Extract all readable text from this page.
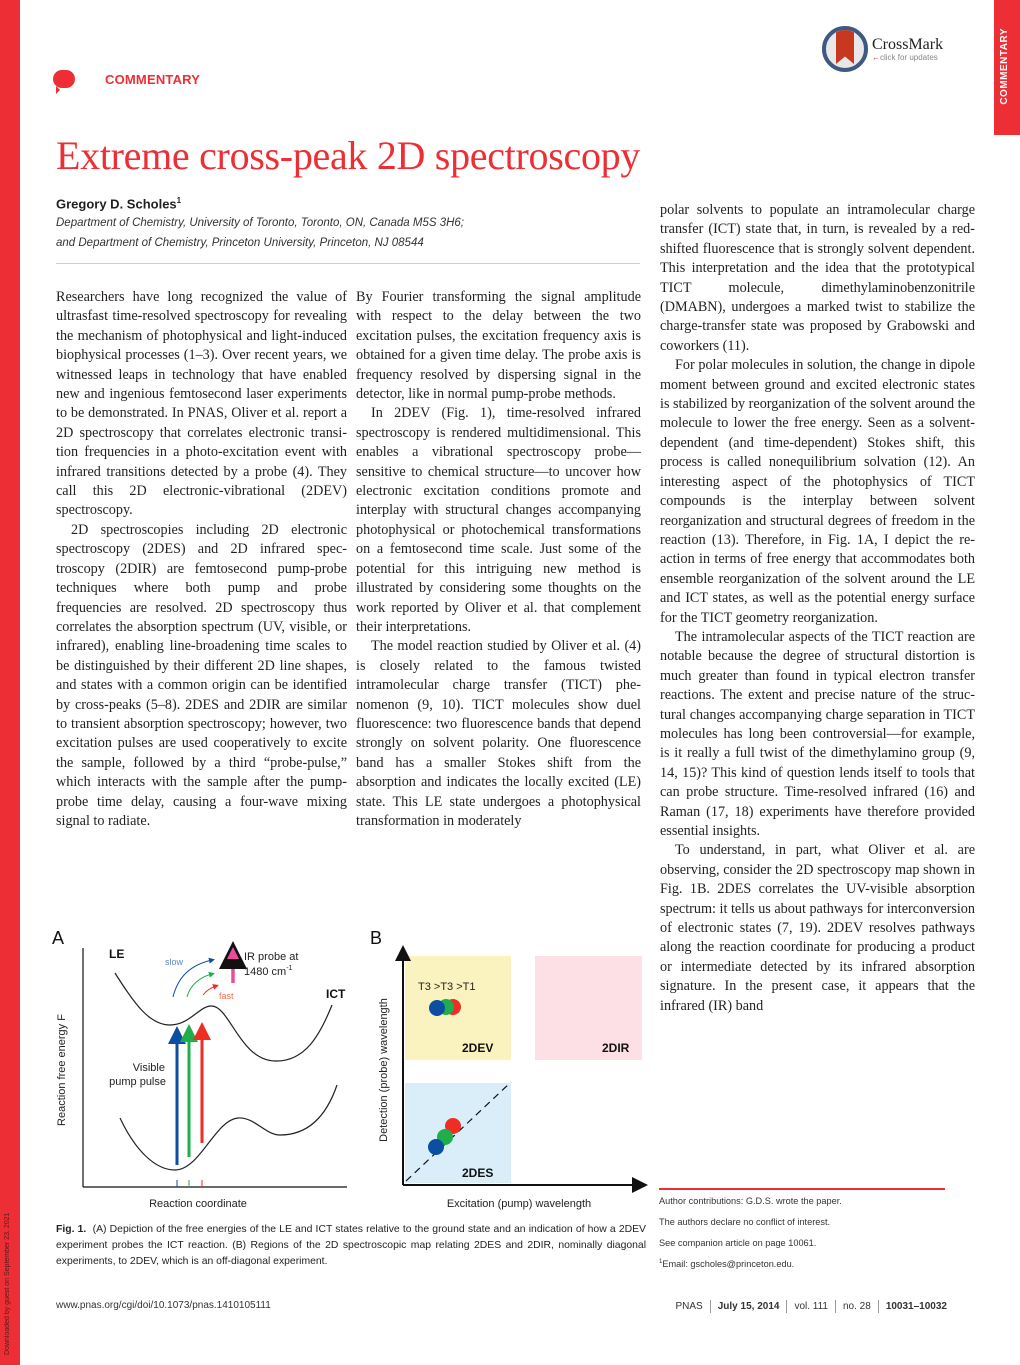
Downloaded by guest on September 23, 2021
COMMENTARY
CrossMark
←click for updates
COMMENTARY
Extreme cross-peak 2D spectroscopy
Gregory D. Scholes$^1$
Department of Chemistry, University of Toronto, Toronto, ON, Canada M5S 3H6;
and Department of Chemistry, Princeton University, Princeton, NJ 08544

Researchers have long recognized the value of ultrasfast time-resolved spectroscopy for revealing the mechanism of photophysical and light-induced biophysical processes (1–3). Over recent years, we witnessed leaps in technology that have enabled new and ingenious femtosecond laser experiments to be demonstrated. In PNAS, Oliver et al. report a 2D spectroscopy that correlates electronic transition frequencies in a photo-excitation event with infrared transitions detected by a probe (4). They call this 2D electronic-vibrational (2DEV) spectroscopy.

2D spectroscopies including 2D electronic spectroscopy (2DES) and 2D infrared spectroscopy (2DIR) are femtosecond pump-probe techniques where both pump and probe frequencies are resolved. 2D spectroscopy thus correlates the absorption spectrum (UV, visible, or infrared), enabling line-broadening time scales to be distinguished by their different 2D line shapes, and states with a common origin can be identified by cross-peaks (5–8). 2DES and 2DIR are similar to transient absorption spectroscopy; however, two excitation pulses are used cooperatively to excite the sample, followed by a third “probe-pulse,” which interacts with the sample after the pump-probe time delay, causing a four-wave mixing signal to radiate.

By Fourier transforming the signal amplitude with respect to the delay between the two excitation pulses, the excitation frequency axis is obtained for a given time delay. The probe axis is frequency resolved by dispersing signal in the detector, like in normal pump-probe methods.

In 2DEV (Fig. 1), time-resolved infrared spectroscopy is rendered multidimensional. This enables a vibrational spectroscopy probe—sensitive to chemical structure—to uncover how electronic excitation conditions promote and interplay with structural changes accompanying photophysical or photochemical transformations on a femtosecond time scale. Just some of the potential for this intriguing new method is illustrated by considering some thoughts on the work reported by Oliver et al. that complement their interpretations.

The model reaction studied by Oliver et al. (4) is closely related to the famous twisted intramolecular charge transfer (TICT) phenomenon (9, 10). TICT molecules show duel fluorescence: two fluorescence bands that depend strongly on solvent polarity. One fluorescence band has a smaller Stokes shift from the absorption and indicates the locally excited (LE) state. This LE state undergoes a photophysical transformation in moderately

polar solvents to populate an intramolecular charge transfer (ICT) state that, in turn, is revealed by a red-shifted fluorescence that is strongly solvent dependent. This interpretation and the idea that the prototypical TICT molecule, dimethylaminobenzonitrile (DMABN), undergoes a marked twist to stabilize the charge-transfer state was proposed by Grabowski and coworkers (11).

For polar molecules in solution, the change in dipole moment between ground and excited electronic states is stabilized by reorganization of the solvent around the molecule to lower the free energy. Seen as a solvent-dependent (and time-dependent) Stokes shift, this process is called nonequilibrium solvation (12). An interesting aspect of the photophysics of TICT compounds is the interplay between solvent reorganization and structural degrees of freedom in the reaction (13). Therefore, in Fig. 1A, I depict the reaction in terms of free energy that accommodates both ensemble reorganization of the solvent around the LE and ICT states, as well as the potential energy surface for the TICT geometry reorganization.

The intramolecular aspects of the TICT reaction are notable because the degree of structural distortion is much greater than found in typical electron transfer reactions. The extent and precise nature of the structural changes accompanying charge separation in TICT molecules has long been controversial—for example, is it really a full twist of the dimethylamino group (9, 14, 15)? This kind of question lends itself to tools that can probe structure. Time-resolved infrared (16) and Raman (17, 18) experiments have therefore provided essential insights.

To understand, in part, what Oliver et al. are observing, consider the 2D spectroscopy map shown in Fig. 1B. 2DES correlates the UV-visible absorption spectrum: it tells us about pathways for interconversion of electronic states (7, 19). 2DEV resolves pathways along the reaction coordinate for producing a product or intermediate detected by its infrared absorption signature. In the present case, it appears that the infrared (IR) band

A
Reaction free energy F
Reaction coordinate
LE
ICT
Visible
pump pulse
slow
fast
IR probe at
1480 $cm^{-1}$
B
Detection (probe) wavelength
Excitation (pump) wavelength
T3 >T3 >T1
2DEV	2DIR
2DES
Fig. 1. (A) Depiction of the free energies of the LE and ICT states relative to the ground state and an indication of how a 2DEV experiment probes the ICT reaction. (B) Regions of the 2D spectroscopic map relating 2DES and 2DIR, nominally diagonal experiments, to 2DEV, which is an off-diagonal experiment.
Author contributions: G.D.S. wrote the paper.
The authors declare no conflict of interest.
See companion article on page 10061.
$^1$Email: gscholes@princeton.edu.
www.pnas.org/cgi/doi/10.1073/pnas.1410105111	PNAS July 15, 2014 vol. 111 no. 28 10031–10032
